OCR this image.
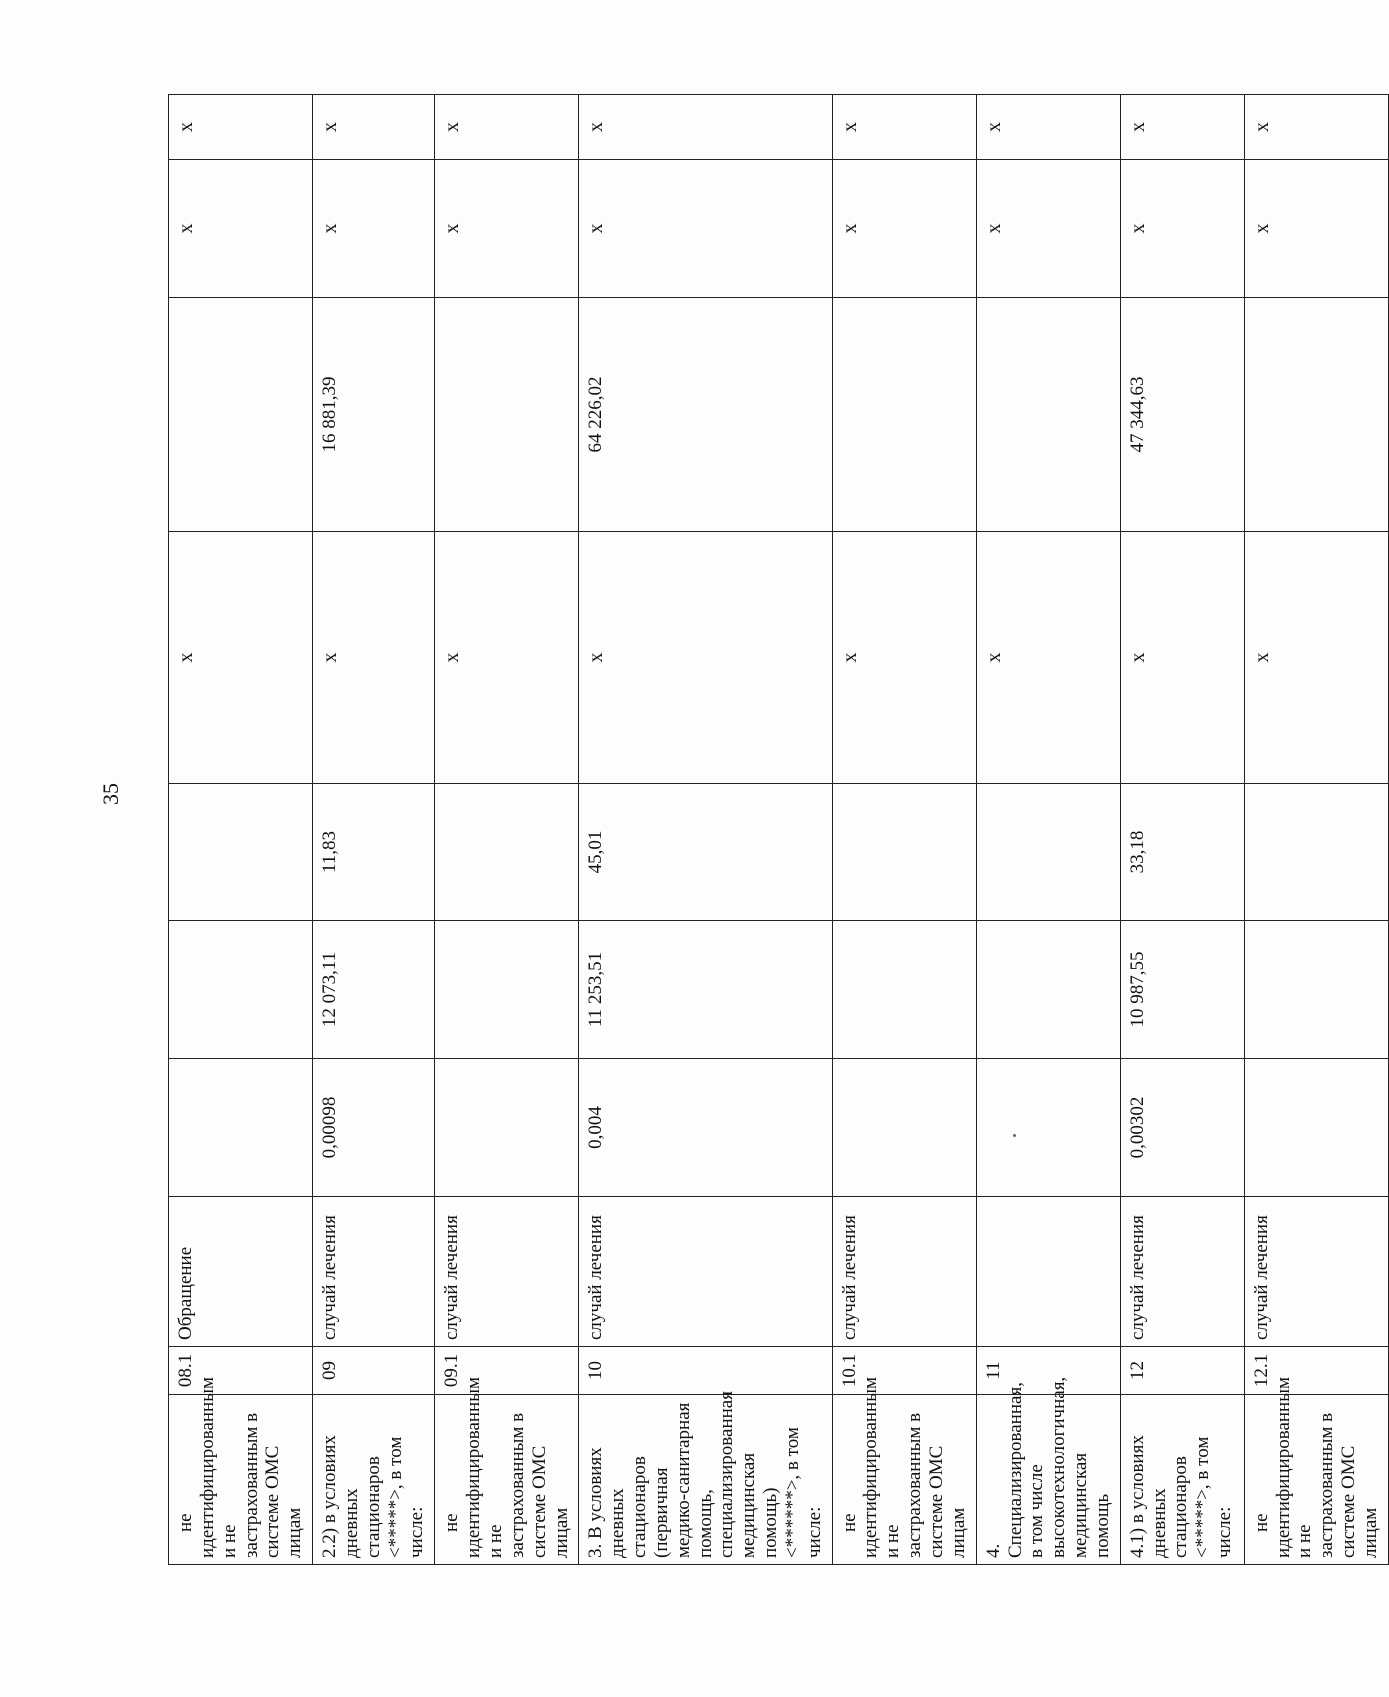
35
не идентифицированным и не застрахованным в системе ОМС лицам	08.1	Обращение				х		х	х
2.2) в условиях дневных стационаров <*****>, в том числе:	09	случай лечения	0,00098	12 073,11	11,83	х	16 881,39	х	х

не идентифицированным и не застрахованным в системе ОМС лицам	09.1	случай лечения				х		х	х
3. В условиях дневных стационаров (первичная медико-санитарная помощь, специализированная медицинская помощь) <******>, в том числе:	10	случай лечения	0,004	11 253,51	45,01	х	64 226,02	х	х

не идентифицированным и не застрахованным в системе ОМС лицам	10.1	случай лечения				х		х	х
4. Специализированная, в том числе высокотехнологичная, медицинская помощь	11					х		х	х
4.1) в условиях дневных стационаров <*****>, в том числе:	12	случай лечения	0,00302	10 987,55	33,18	х	47 344,63	х	х

не идентифицированным и не застрахованным в системе ОМС лицам	12.1	случай лечения				х		х	х
